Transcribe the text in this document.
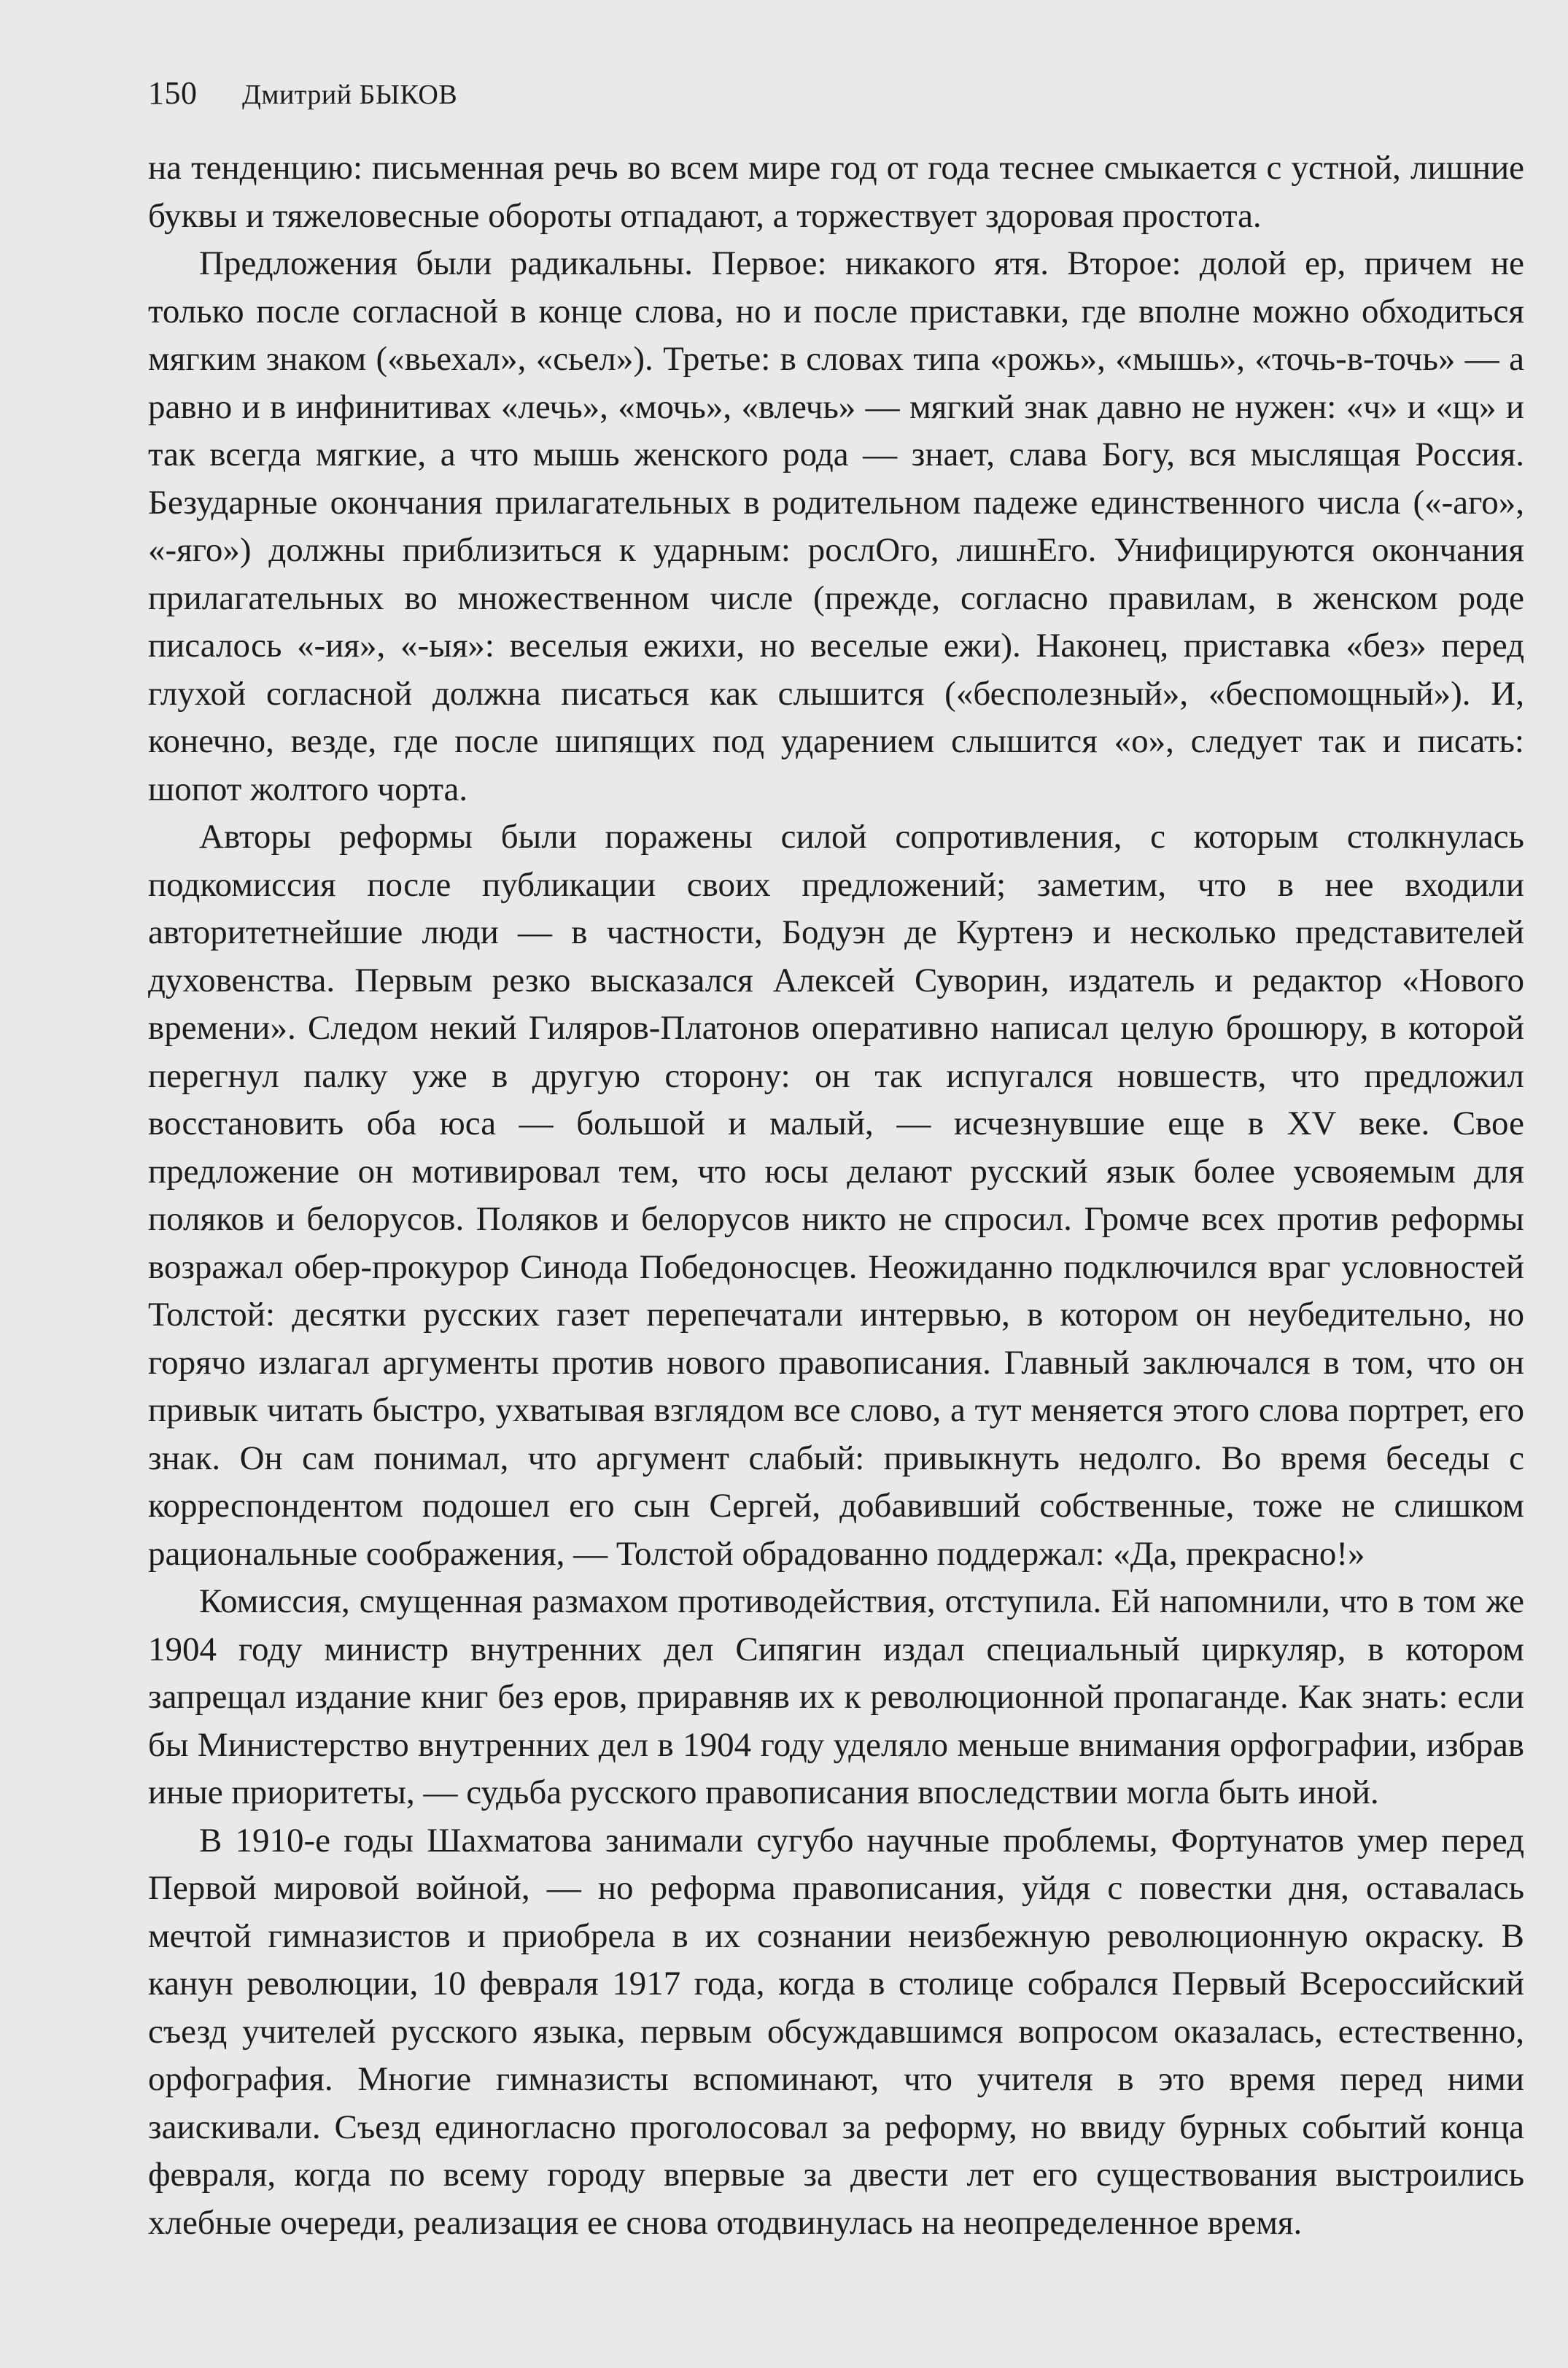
150 Дмитрий БЫКОВ

на тенденцию: письменная речь во всем мире год от года теснее смыкается с устной, лишние буквы и тяжеловесные обороты отпадают, а торжествует здоровая простота.

Предложения были радикальны. Первое: никакого ятя. Второе: долой ер, причем не только после согласной в конце слова, но и после приставки, где вполне можно обходиться мягким знаком («вьехал», «сьел»). Третье: в словах типа «рожь», «мышь», «точь-в-точь» — а равно и в инфинитивах «лечь», «мочь», «влечь» — мягкий знак давно не нужен: «ч» и «щ» и так всегда мягкие, а что мышь женского рода — знает, слава Богу, вся мыслящая Россия. Безударные окончания прилагательных в родительном падеже единственного числа («-аго», «-яго») должны приблизиться к ударным: рослОго, лишнЕго. Унифицируются окончания прилагательных во множественном числе (прежде, согласно правилам, в женском роде писалось «-ия», «-ыя»: веселыя ежихи, но веселые ежи). Наконец, приставка «без» перед глухой согласной должна писаться как слышится («бесполезный», «беспомощный»). И, конечно, везде, где после шипящих под ударением слышится «о», следует так и писать: шопот жолтого чорта.

Авторы реформы были поражены силой сопротивления, с которым столкнулась подкомиссия после публикации своих предложений; заметим, что в нее входили авторитетнейшие люди — в частности, Бодуэн де Куртенэ и несколько представителей духовенства. Первым резко высказался Алексей Суворин, издатель и редактор «Нового времени». Следом некий Гиляров-Платонов оперативно написал целую брошюру, в которой перегнул палку уже в другую сторону: он так испугался новшеств, что предложил восстановить оба юса — большой и малый, — исчезнувшие еще в XV веке. Свое предложение он мотивировал тем, что юсы делают русский язык более усвояемым для поляков и белорусов. Поляков и белорусов никто не спросил. Громче всех против реформы возражал обер-прокурор Синода Победоносцев. Неожиданно подключился враг условностей Толстой: десятки русских газет перепечатали интервью, в котором он неубедительно, но горячо излагал аргументы против нового правописания. Главный заключался в том, что он привык читать быстро, ухватывая взглядом все слово, а тут меняется этого слова портрет, его знак. Он сам понимал, что аргумент слабый: привыкнуть недолго. Во время беседы с корреспондентом подошел его сын Сергей, добавивший собственные, тоже не слишком рациональные соображения, — Толстой обрадованно поддержал: «Да, прекрасно!»

Комиссия, смущенная размахом противодействия, отступила. Ей напомнили, что в том же 1904 году министр внутренних дел Сипягин издал специальный циркуляр, в котором запрещал издание книг без еров, приравняв их к революционной пропаганде. Как знать: если бы Министерство внутренних дел в 1904 году уделяло меньше внимания орфографии, избрав иные приоритеты, — судьба русского правописания впоследствии могла быть иной.

В 1910-е годы Шахматова занимали сугубо научные проблемы, Фортунатов умер перед Первой мировой войной, — но реформа правописания, уйдя с повестки дня, оставалась мечтой гимназистов и приобрела в их сознании неизбежную революционную окраску. В канун революции, 10 февраля 1917 года, когда в столице собрался Первый Всероссийский съезд учителей русского языка, первым обсуждавшимся вопросом оказалась, естественно, орфография. Многие гимназисты вспоминают, что учителя в это время перед ними заискивали. Съезд единогласно проголосовал за реформу, но ввиду бурных событий конца февраля, когда по всему городу впервые за двести лет его существования выстроились хлебные очереди, реализация ее снова отодвинулась на неопределенное время.
